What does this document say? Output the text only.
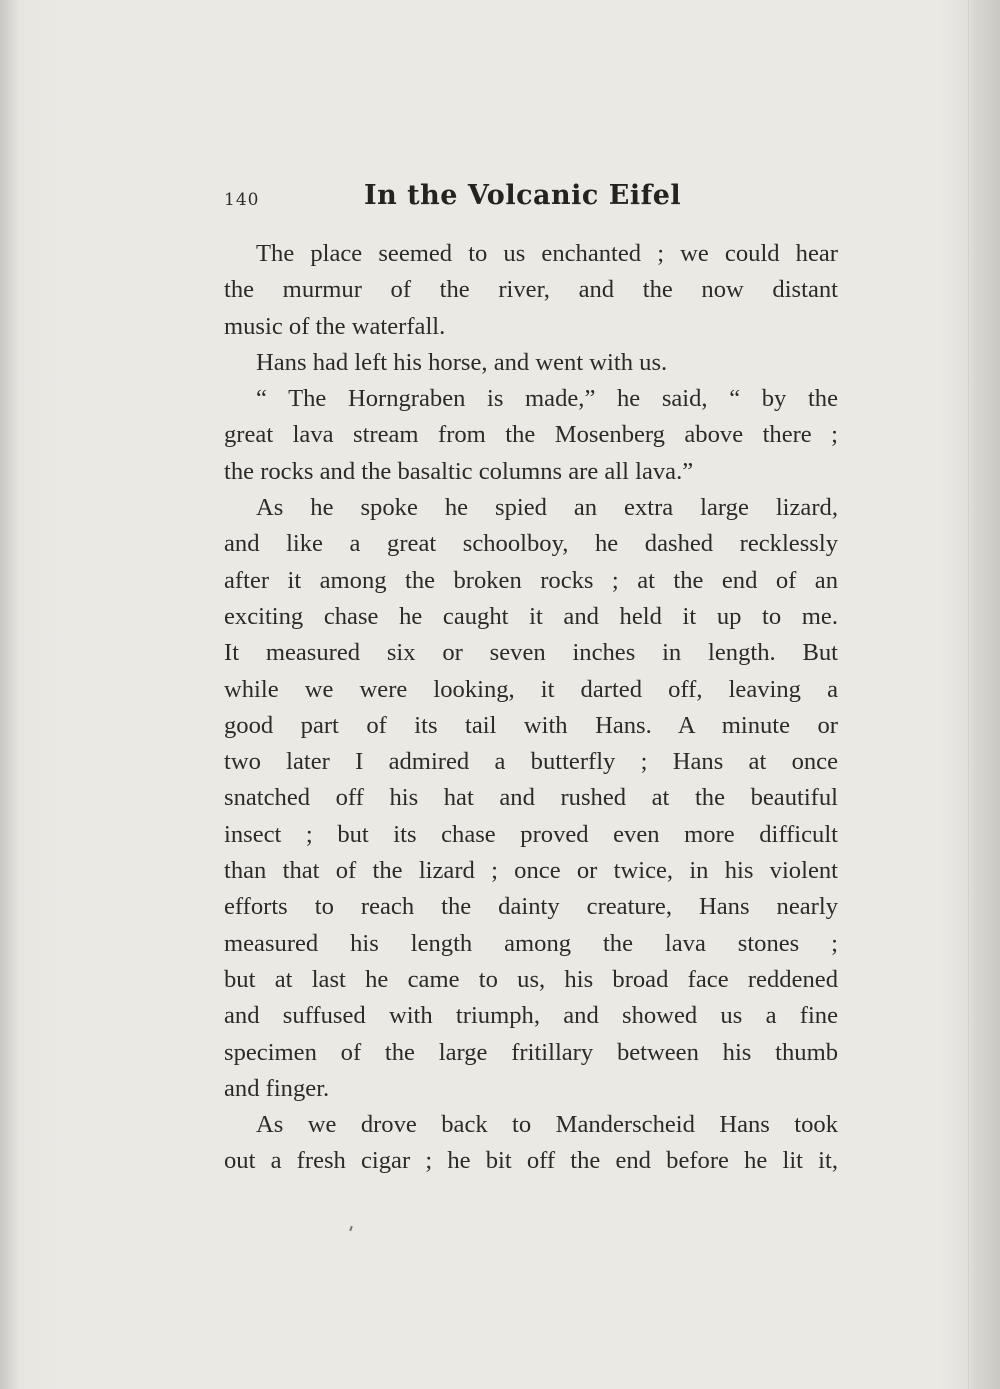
140	In the Volcanic Eifel
The place seemed to us enchanted ; we could hear
the murmur of the river, and the now distant
music of the waterfall.
Hans had left his horse, and went with us.
“ The Horngraben is made,” he said, “ by the
great lava stream from the Mosenberg above there ;
the rocks and the basaltic columns are all lava.”
As he spoke he spied an extra large lizard,
and like a great schoolboy, he dashed recklessly
after it among the broken rocks ; at the end of an
exciting chase he caught it and held it up to me.
It measured six or seven inches in length. But
while we were looking, it darted off, leaving a
good part of its tail with Hans. A minute or
two later I admired a butterfly ; Hans at once
snatched off his hat and rushed at the beautiful
insect ; but its chase proved even more difficult
than that of the lizard ; once or twice, in his violent
efforts to reach the dainty creature, Hans nearly
measured his length among the lava stones ;
but at last he came to us, his broad face reddened
and suffused with triumph, and showed us a fine
specimen of the large fritillary between his thumb
and finger.
As we drove back to Manderscheid Hans took
out a fresh cigar ; he bit off the end before he lit it,
